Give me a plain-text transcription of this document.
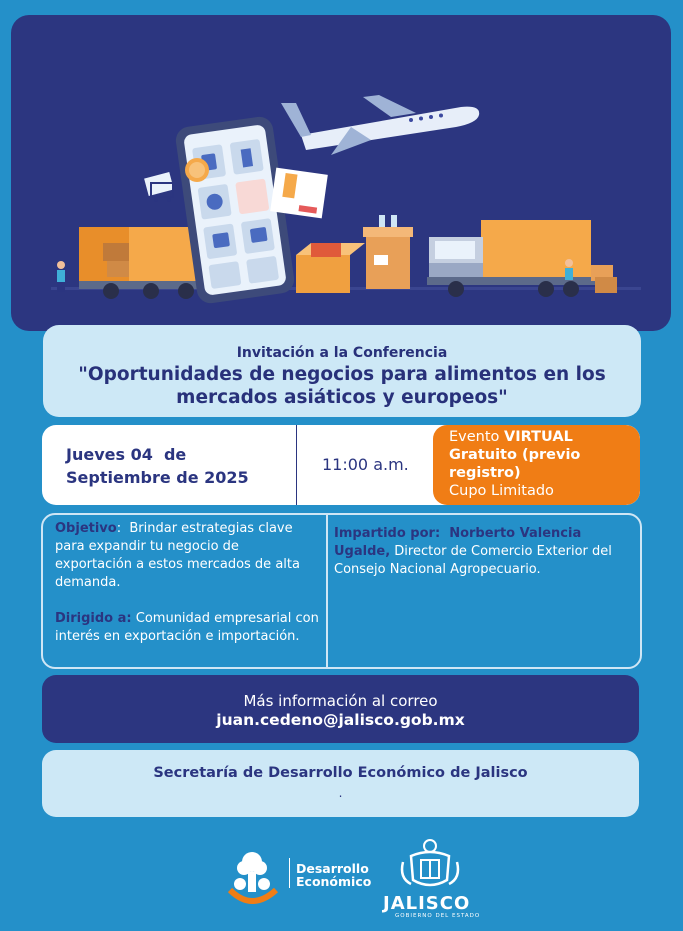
Invitación a la Conferencia
"Oportunidades de negocios para alimentos en los
mercados asiáticos y europeos"
Jueves 04  de
Septiembre de 2025
11:00 a.m.
Evento VIRTUAL
Gratuito (previo
registro)
Cupo Limitado
Objetivo:  Brindar estrategias clave para expandir tu negocio de exportación a estos mercados de alta demanda.
Dirigido a: Comunidad empresarial con interés en exportación e importación.
Impartido por:  Norberto Valencia Ugalde, Director de Comercio Exterior del Consejo Nacional Agropecuario.
Más información al correo
juan.cedeno@jalisco.gob.mx
Secretaría de Desarrollo Económico de Jalisco
.
Desarrollo
Económico
JALISCO
GOBIERNO DEL ESTADO
